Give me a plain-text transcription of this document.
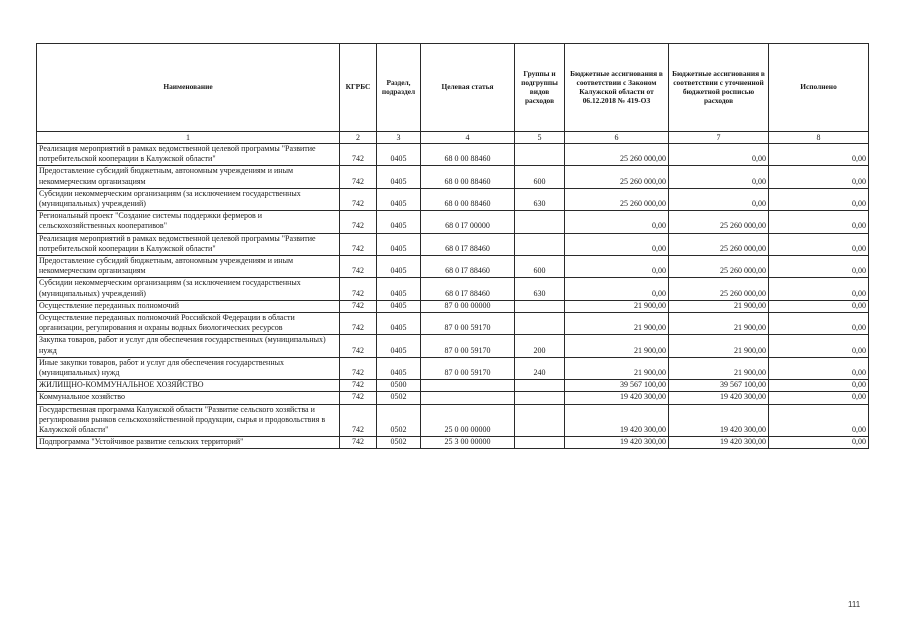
Наименование	КГРБС	Раздел, подраздел	Целевая статья	Группы и подгруппы видов расходов	Бюджетные ассигнования в соответствии с Законом Калужской области от 06.12.2018 № 419-ОЗ	Бюджетные ассигнования в соответствии с уточненной бюджетной росписью расходов	Исполнено
1	2	3	4	5	6	7	8
Реализация мероприятий в рамках ведомственной целевой программы "Развитие потребительской кооперации в Калужской области"	742	0405	68 0 00 88460		25 260 000,00	0,00	0,00
Предоставление субсидий бюджетным, автономным учреждениям и иным некоммерческим организациям	742	0405	68 0 00 88460	600	25 260 000,00	0,00	0,00
Субсидии некоммерческим организациям (за исключением государственных (муниципальных) учреждений)	742	0405	68 0 00 88460	630	25 260 000,00	0,00	0,00
Региональный проект "Создание системы поддержки фермеров и сельскохозяйственных кооперативов"	742	0405	68 0 I7 00000		0,00	25 260 000,00	0,00
Реализация мероприятий в рамках ведомственной целевой программы "Развитие потребительской кооперации в Калужской области"	742	0405	68 0 I7 88460		0,00	25 260 000,00	0,00
Предоставление субсидий бюджетным, автономным учреждениям и иным некоммерческим организациям	742	0405	68 0 I7 88460	600	0,00	25 260 000,00	0,00
Субсидии некоммерческим организациям (за исключением государственных (муниципальных) учреждений)	742	0405	68 0 I7 88460	630	0,00	25 260 000,00	0,00
Осуществление переданных полномочий	742	0405	87 0 00 00000		21 900,00	21 900,00	0,00
Осуществление переданных полномочий Российской Федерации в области организации, регулирования и охраны водных биологических ресурсов	742	0405	87 0 00 59170		21 900,00	21 900,00	0,00
Закупка товаров, работ и услуг для обеспечения государственных (муниципальных) нужд	742	0405	87 0 00 59170	200	21 900,00	21 900,00	0,00
Иные закупки товаров, работ и услуг для обеспечения государственных (муниципальных) нужд	742	0405	87 0 00 59170	240	21 900,00	21 900,00	0,00
ЖИЛИЩНО-КОММУНАЛЬНОЕ ХОЗЯЙСТВО	742	0500			39 567 100,00	39 567 100,00	0,00
Коммунальное хозяйство	742	0502			19 420 300,00	19 420 300,00	0,00
Государственная программа Калужской области "Развитие сельского хозяйства и регулирования рынков сельскохозяйственной продукции, сырья и продовольствия в Калужской области"	742	0502	25 0 00 00000		19 420 300,00	19 420 300,00	0,00
Подпрограмма "Устойчивое развитие сельских территорий"	742	0502	25 3 00 00000		19 420 300,00	19 420 300,00	0,00
111
